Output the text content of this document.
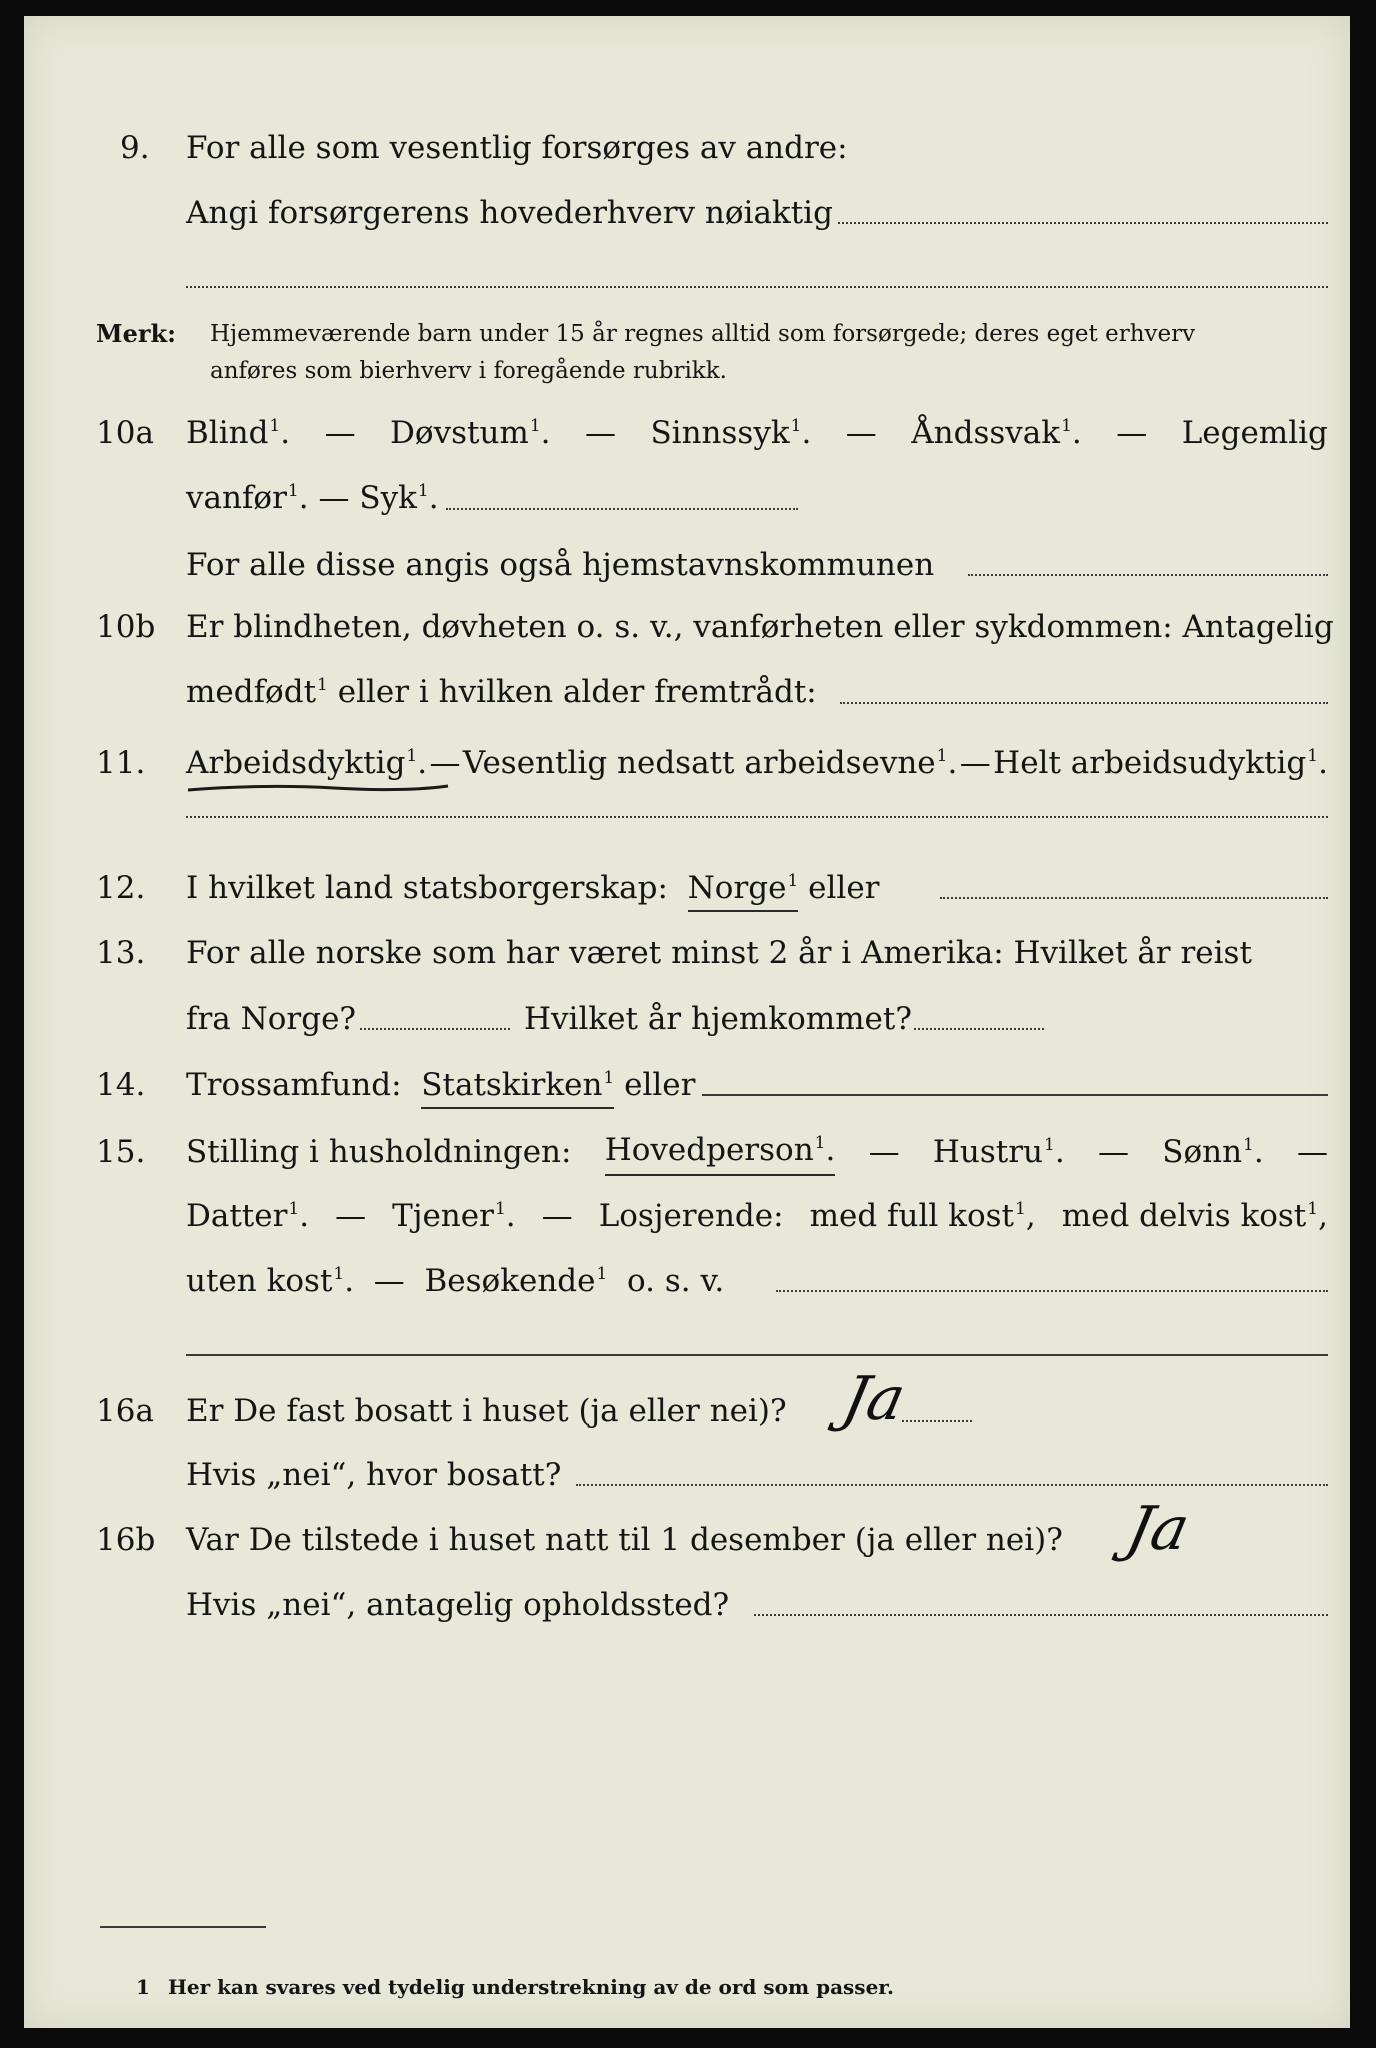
9. For alle som vesentlig forsørges av andre:
Angi forsørgerens hovederhverv nøiaktig
Merk: Hjemmeværende barn under 15 år regnes alltid som forsørgede; deres eget erhverv
anføres som bierhverv i foregående rubrikk.
10a Blind$^1$. — Døvstum$^1$. — Sinnssyk$^1$. — Åndssvak$^1$. — Legemlig
vanfør$^1$. — Syk$^1$.
For alle disse angis også hjemstavnskommunen
10b Er blindheten, døvheten o. s. v., vanførheten eller sykdommen: Antagelig
medfødt$^1$ eller i hvilken alder fremtrådt:
11. Arbeidsdyktig$^1$. — Vesentlig nedsatt arbeidsevne$^1$. — Helt arbeidsudyktig$^1$.
12. I hvilket land statsborgerskap: Norge$^1$ eller
13. For alle norske som har været minst 2 år i Amerika: Hvilket år reist
fra Norge?	Hvilket år hjemkommet?
14. Trossamfund: Statskirken$^1$ eller
15. Stilling i husholdningen: Hovedperson$^1$. — Hustru$^1$. — Sønn$^1$. —
Datter$^1$. — Tjener$^1$. — Losjerende: med full kost$^1$, med delvis kost$^1$,
uten kost$^1$.  — Besøkende$^1$ o. s. v.
16a Er De fast bosatt i huset (ja eller nei)? Ja
Hvis „nei“, hvor bosatt?
16b Var De tilstede i huset natt til 1 desember (ja eller nei)? Ja
Hvis „nei“, antagelig opholdssted?
1 Her kan svares ved tydelig understrekning av de ord som passer.
